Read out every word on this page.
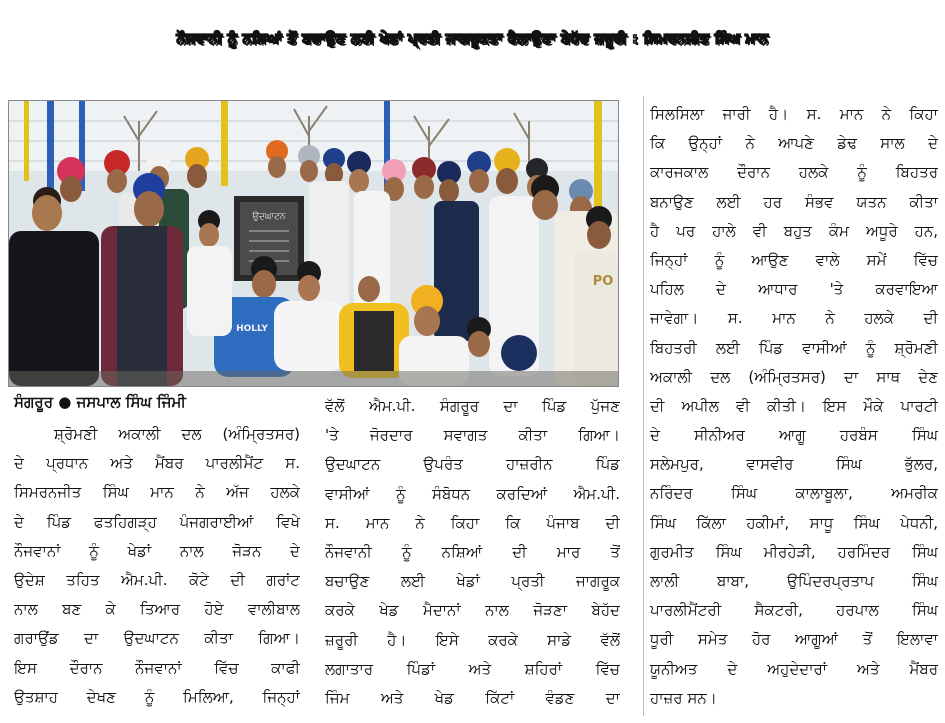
ਨੌਜਵਾਨੀ ਨੂੰ ਨਸ਼ਿਆਂ ਤੋਂ ਬਚਾਉਣ ਲਈ ਖੇਡਾਂ ਪ੍ਰਤੀ ਜਾਗਰੂਕਤਾ ਫੈਲਾਉਣਾ ਬੇਹੱਦ ਜ਼ਰੂਰੀ : ਸਿਮਰਨਜੀਤ ਸਿੰਘ ਮਾਨ
ਉਦਘਾਟਨ
HOLLY
PO
ਸੰਗਰੂਰ ● ਜਸਪਾਲ ਸਿੰਘ ਜਿੰਮੀ
ਸ਼੍ਰੋਮਣੀ ਅਕਾਲੀ ਦਲ (ਅੰਮ੍ਰਿਤਸਰ)
ਦੇ ਪ੍ਰਧਾਨ ਅਤੇ ਮੈਂਬਰ ਪਾਰਲੀਮੈਂਟ ਸ.
ਸਿਮਰਨਜੀਤ ਸਿੰਘ ਮਾਨ ਨੇ ਅੱਜ ਹਲਕੇ
ਦੇ ਪਿੰਡ ਫਤਹਿਗੜ੍ਹ ਪੰਜਗਰਾਈਆਂ ਵਿਖੇ
ਨੌਜਵਾਨਾਂ ਨੂੰ ਖੇਡਾਂ ਨਾਲ ਜੋੜਨ ਦੇ
ਉਦੇਸ਼ ਤਹਿਤ ਐਮ.ਪੀ. ਕੋਟੇ ਦੀ ਗਰਾਂਟ
ਨਾਲ ਬਣ ਕੇ ਤਿਆਰ ਹੋਏ ਵਾਲੀਬਾਲ
ਗਰਾਉਂਡ ਦਾ ਉਦਘਾਟਨ ਕੀਤਾ ਗਿਆ।
ਇਸ ਦੌਰਾਨ ਨੌਜਵਾਨਾਂ ਵਿੱਚ ਕਾਫੀ
ਉਤਸ਼ਾਹ ਦੇਖਣ ਨੂੰ ਮਿਲਿਆ, ਜਿਨ੍ਹਾਂ
ਵੱਲੋਂ ਐਮ.ਪੀ. ਸੰਗਰੂਰ ਦਾ ਪਿੰਡ ਪੁੱਜਣ
'ਤੇ ਜੋਰਦਾਰ ਸਵਾਗਤ ਕੀਤਾ ਗਿਆ।
ਉਦਘਾਟਨ ਉਪਰੰਤ ਹਾਜ਼ਰੀਨ ਪਿੰਡ
ਵਾਸੀਆਂ ਨੂੰ ਸੰਬੋਧਨ ਕਰਦਿਆਂ ਐਮ.ਪੀ.
ਸ. ਮਾਨ ਨੇ ਕਿਹਾ ਕਿ ਪੰਜਾਬ ਦੀ
ਨੌਜਵਾਨੀ ਨੂੰ ਨਸ਼ਿਆਂ ਦੀ ਮਾਰ ਤੋਂ
ਬਚਾਉਣ ਲਈ ਖੇਡਾਂ ਪ੍ਰਤੀ ਜਾਗਰੂਕ
ਕਰਕੇ ਖੇਡ ਮੈਦਾਨਾਂ ਨਾਲ ਜੋੜਣਾ ਬੇਹੱਦ
ਜ਼ਰੂਰੀ ਹੈ। ਇਸੇ ਕਰਕੇ ਸਾਡੇ ਵੱਲੋਂ
ਲਗਾਤਾਰ ਪਿੰਡਾਂ ਅਤੇ ਸ਼ਹਿਰਾਂ ਵਿੱਚ
ਜਿੰਮ ਅਤੇ ਖੇਡ ਕਿੱਟਾਂ ਵੰਡਣ ਦਾ
ਸਿਲਸਿਲਾ ਜਾਰੀ ਹੈ। ਸ. ਮਾਨ ਨੇ ਕਿਹਾ
ਕਿ ਉਨ੍ਹਾਂ ਨੇ ਆਪਣੇ ਡੇਢ ਸਾਲ ਦੇ
ਕਾਰਜਕਾਲ ਦੌਰਾਨ ਹਲਕੇ ਨੂੰ ਬਿਹਤਰ
ਬਨਾਉਣ ਲਈ ਹਰ ਸੰਭਵ ਯਤਨ ਕੀਤਾ
ਹੈ ਪਰ ਹਾਲੇ ਵੀ ਬਹੁਤ ਕੰਮ ਅਧੂਰੇ ਹਨ,
ਜਿਨ੍ਹਾਂ ਨੂੰ ਆਉਣ ਵਾਲੇ ਸਮੇਂ ਵਿੱਚ
ਪਹਿਲ ਦੇ ਆਧਾਰ 'ਤੇ ਕਰਵਾਇਆ
ਜਾਵੇਗਾ। ਸ. ਮਾਨ ਨੇ ਹਲਕੇ ਦੀ
ਬਿਹਤਰੀ ਲਈ ਪਿੰਡ ਵਾਸੀਆਂ ਨੂੰ ਸ਼੍ਰੋਮਣੀ
ਅਕਾਲੀ ਦਲ (ਅੰਮ੍ਰਿਤਸਰ) ਦਾ ਸਾਥ ਦੇਣ
ਦੀ ਅਪੀਲ ਵੀ ਕੀਤੀ। ਇਸ ਮੌਕੇ ਪਾਰਟੀ
ਦੇ ਸੀਨੀਅਰ ਆਗੂ ਹਰਬੰਸ ਸਿੰਘ
ਸਲੇਮਪੁਰ, ਵਾਸਵੀਰ ਸਿੰਘ ਭੁੱਲਰ,
ਨਰਿੰਦਰ ਸਿੰਘ ਕਾਲਾਬੂਲਾ, ਅਮਰੀਕ
ਸਿੰਘ ਕਿੱਲਾ ਹਕੀਮਾਂ, ਸਾਧੂ ਸਿੰਘ ਪੇਧਨੀ,
ਗੁਰਮੀਤ ਸਿੰਘ ਮੀਰਹੇੜੀ, ਹਰਮਿੰਦਰ ਸਿੰਘ
ਲਾਲੀ ਬਾਬਾ, ਉਪਿੰਦਰਪ੍ਰਤਾਪ ਸਿੰਘ
ਪਾਰਲੀਮੈਂਟਰੀ ਸੈਕਟਰੀ, ਹਰਪਾਲ ਸਿੰਘ
ਧੂਰੀ ਸਮੇਤ ਹੋਰ ਆਗੂਆਂ ਤੋਂ ਇਲਾਵਾ
ਯੂਨੀਅਤ ਦੇ ਅਹੁਦੇਦਾਰਾਂ ਅਤੇ ਮੈਂਬਰ
ਹਾਜ਼ਰ ਸਨ।
